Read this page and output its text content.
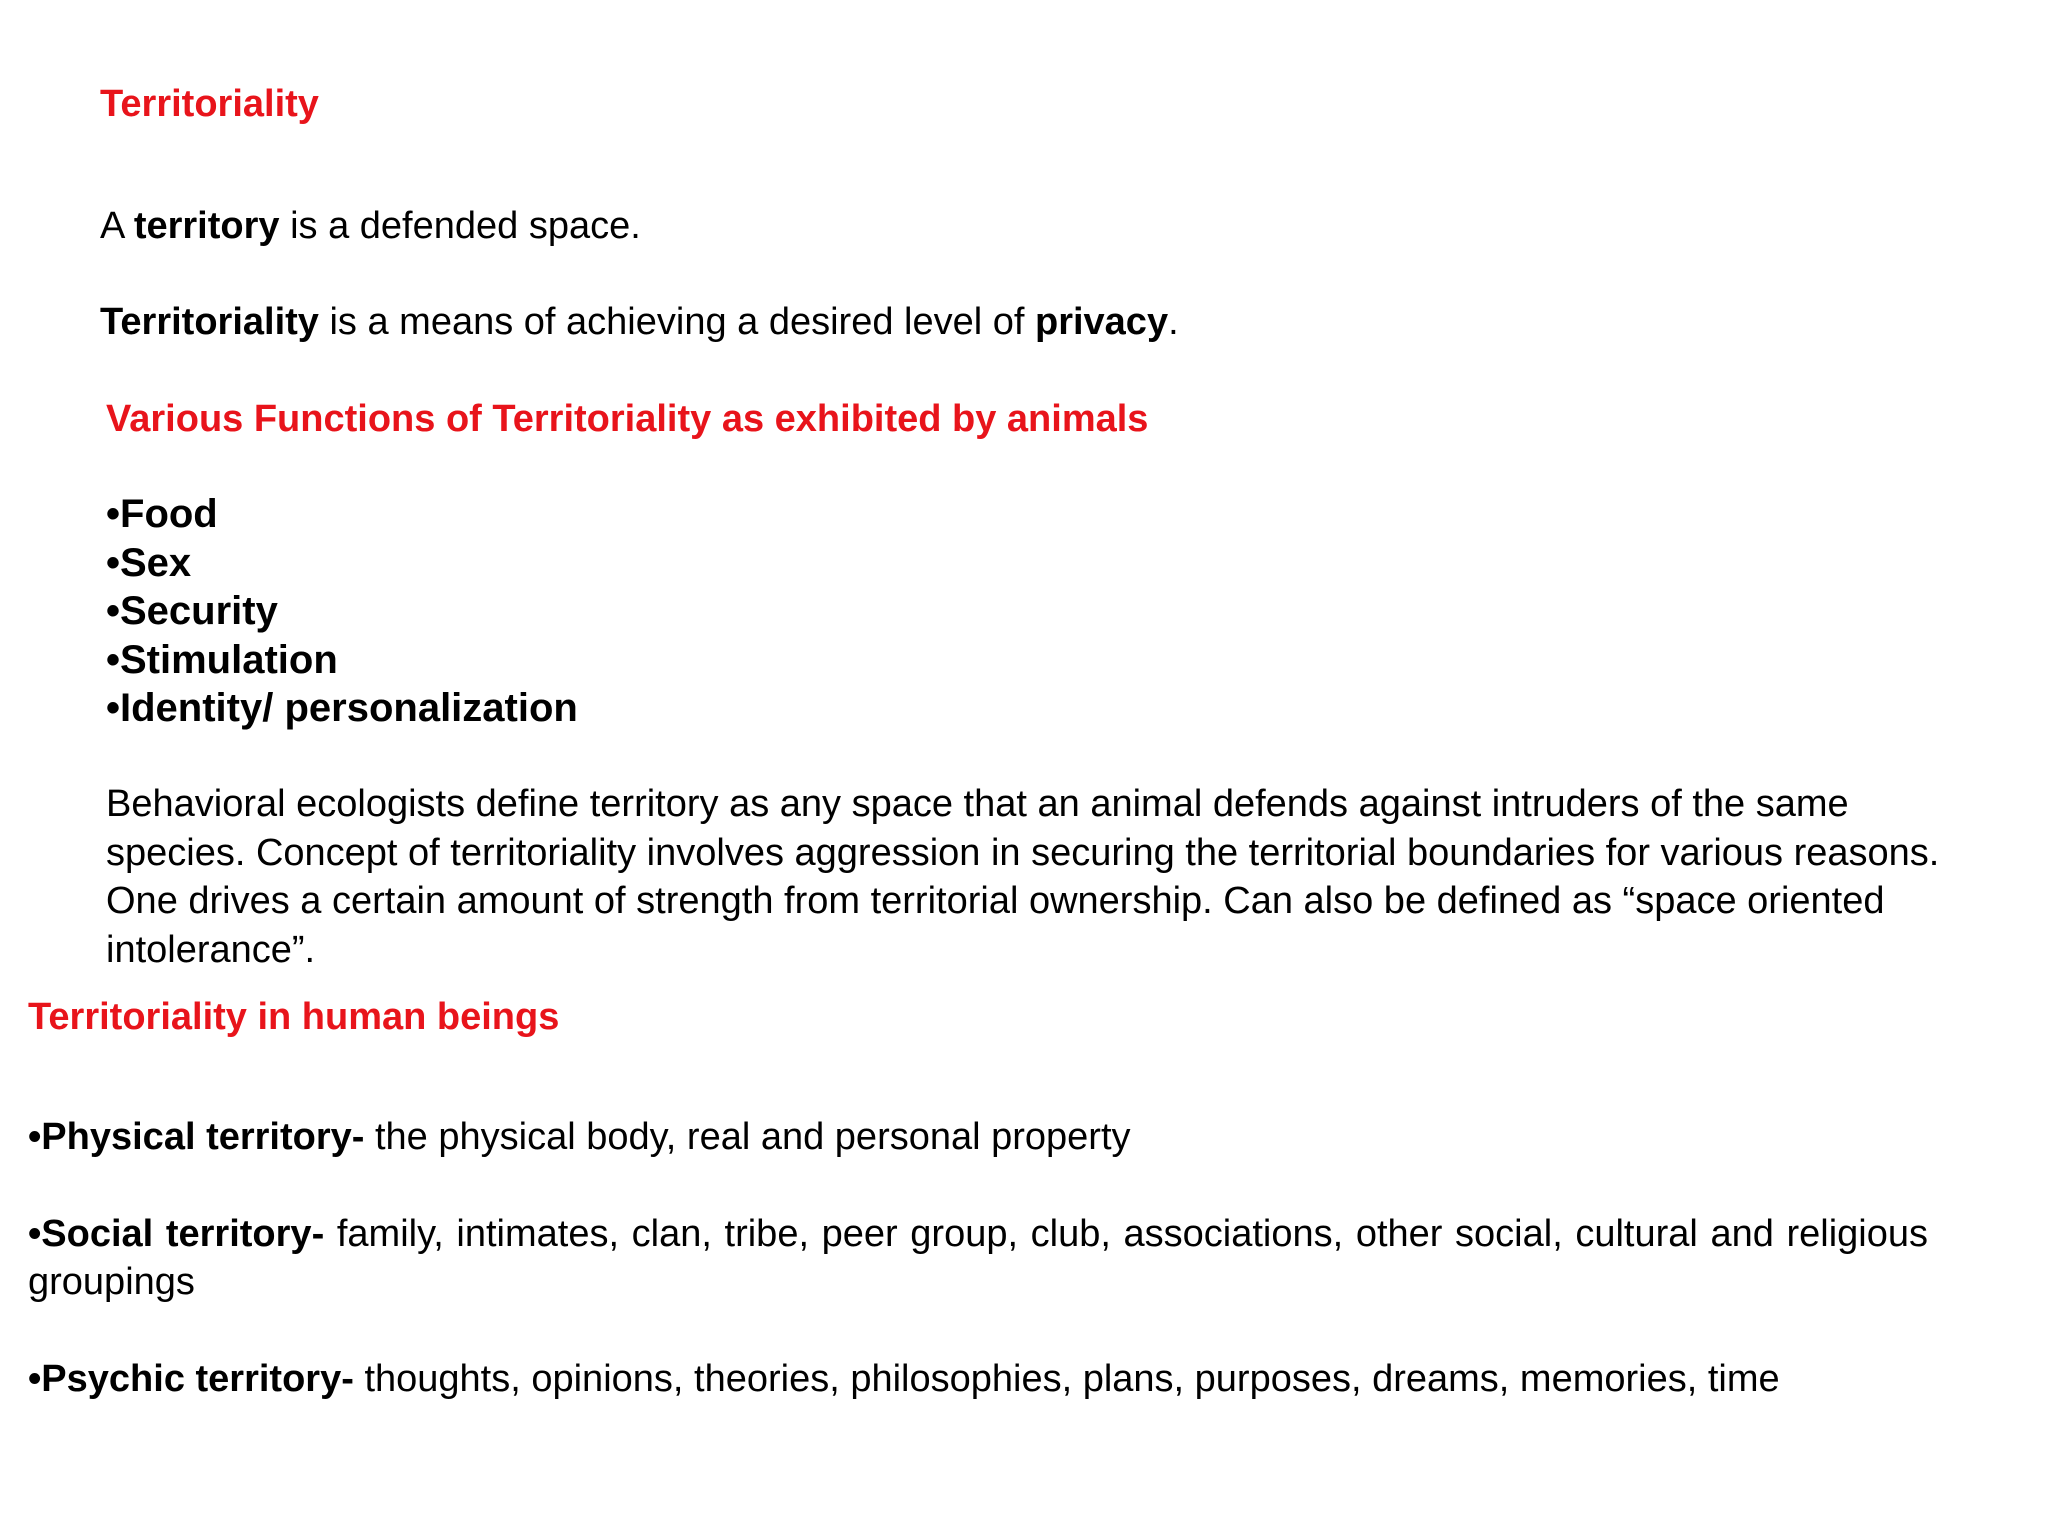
Territoriality

A territory is a defended space.

Territoriality is a means of achieving a desired level of privacy.

Various Functions of Territoriality as exhibited by animals
•Food
•Sex
•Security
•Stimulation
•Identity/ personalization

Behavioral ecologists define territory as any space that an animal defends against intruders of the same species. Concept of territoriality involves aggression in securing the territorial boundaries for various reasons. One drives a certain amount of strength from territorial ownership. Can also be defined as “space oriented intolerance”.

Territoriality in human beings

•Physical territory- the physical body, real and personal property

•Social territory- family, intimates, clan, tribe, peer group, club, associations, other social, cultural and religious groupings

•Psychic territory- thoughts, opinions, theories, philosophies, plans, purposes, dreams, memories, time
